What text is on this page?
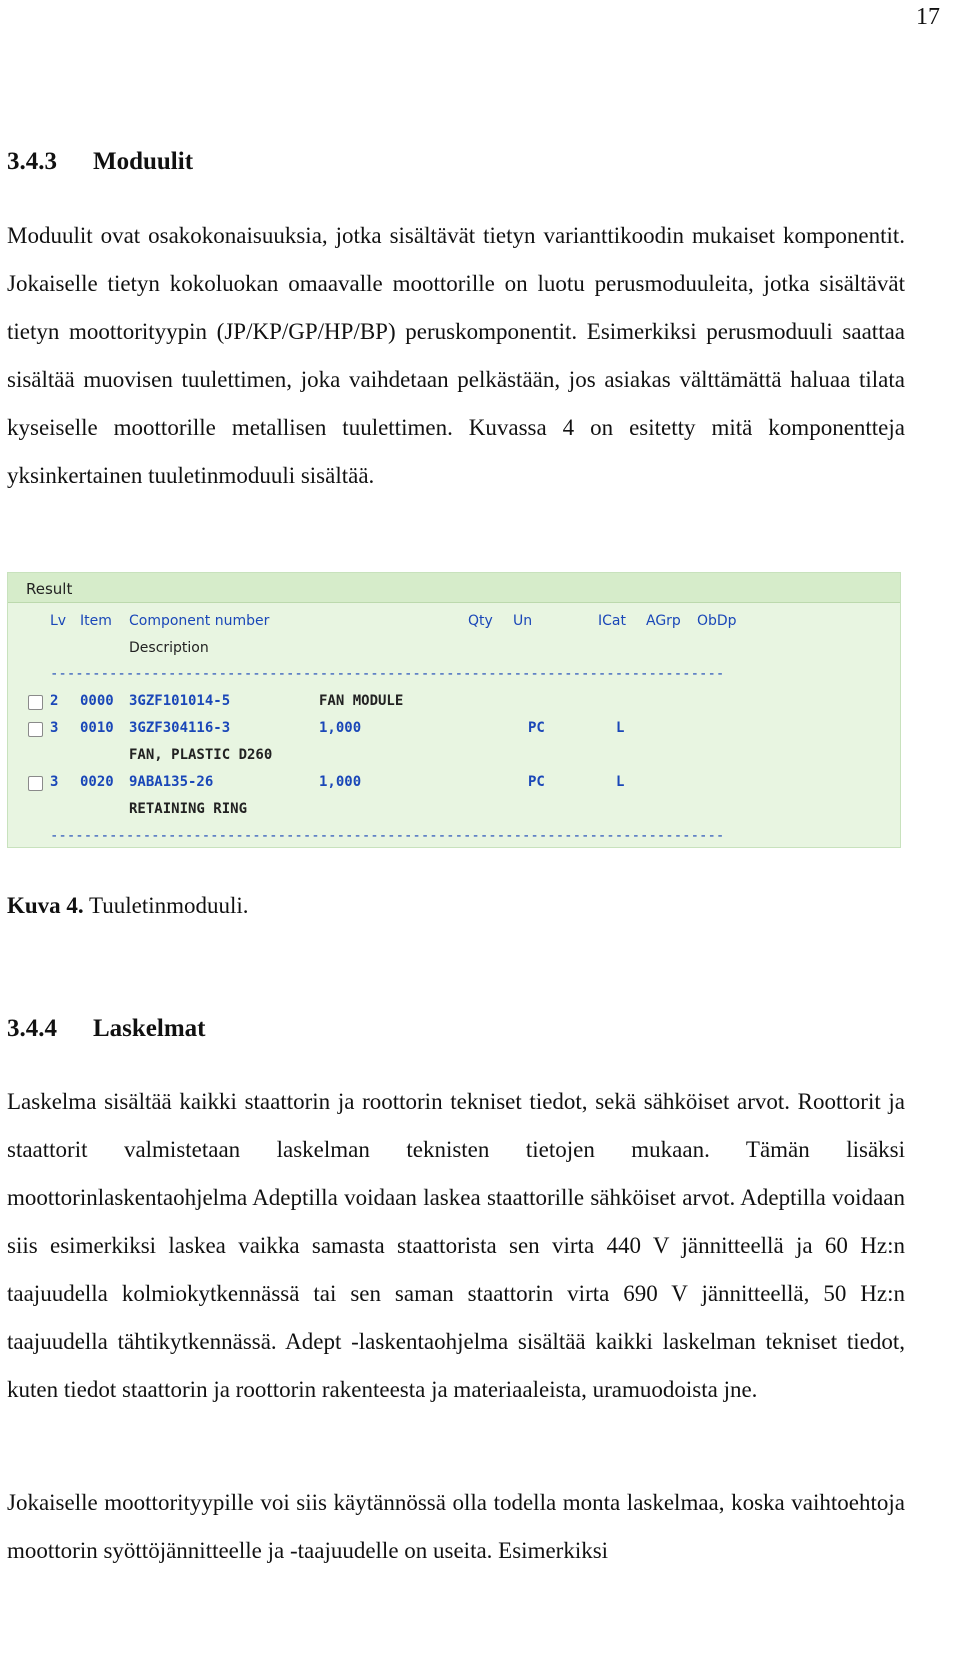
17
3.4.3 Moduulit

Moduulit ovat osakokonaisuuksia, jotka sisältävät tietyn varianttikoodin mukaiset komponentit. Jokaiselle tietyn kokoluokan omaavalle moottorille on luotu perusmoduuleita, jotka sisältävät tietyn moottorityypin (JP/KP/GP/HP/BP) peruskomponentit. Esimerkiksi perusmoduuli saattaa sisältää muovisen tuulettimen, joka vaihdetaan pelkästään, jos asiakas välttämättä haluaa tilata kyseiselle moottorille metallisen tuulettimen. Kuvassa 4 on esitetty mitä komponentteja yksinkertainen tuuletinmoduuli sisältää.

Result
Lv Item Component number	Qty Un	ICat AGrp ObDp
Description
--------------------------------------------------------------------------------
2 0000 3GZF101014-5	FAN MODULE
3 0010 3GZF304116-3	1,000	PC	L
FAN, PLASTIC D260
3 0020 9ABA135-26	1,000	PC	L
RETAINING RING
--------------------------------------------------------------------------------
Kuva 4. Tuuletinmoduuli.
3.4.4 Laskelmat

Laskelma sisältää kaikki staattorin ja roottorin tekniset tiedot, sekä sähköiset arvot. Roottorit ja staattorit valmistetaan laskelman teknisten tietojen mukaan. Tämän lisäksi moottorinlaskentaohjelma Adeptilla voidaan laskea staattorille sähköiset arvot. Adeptilla voidaan siis esimerkiksi laskea vaikka samasta staattorista sen virta 440 V jännitteellä ja 60 Hz:n taajuudella kolmiokytkennässä tai sen saman staattorin virta 690 V jännitteellä, 50 Hz:n taajuudella tähtikytkennässä. Adept -laskentaohjelma sisältää kaikki laskelman tekniset tiedot, kuten tiedot staattorin ja roottorin rakenteesta ja materiaaleista, uramuodoista jne.

Jokaiselle moottorityypille voi siis käytännössä olla todella monta laskelmaa, koska vaihtoehtoja moottorin syöttöjännitteelle ja -taajuudelle on useita. Esimerkiksi
